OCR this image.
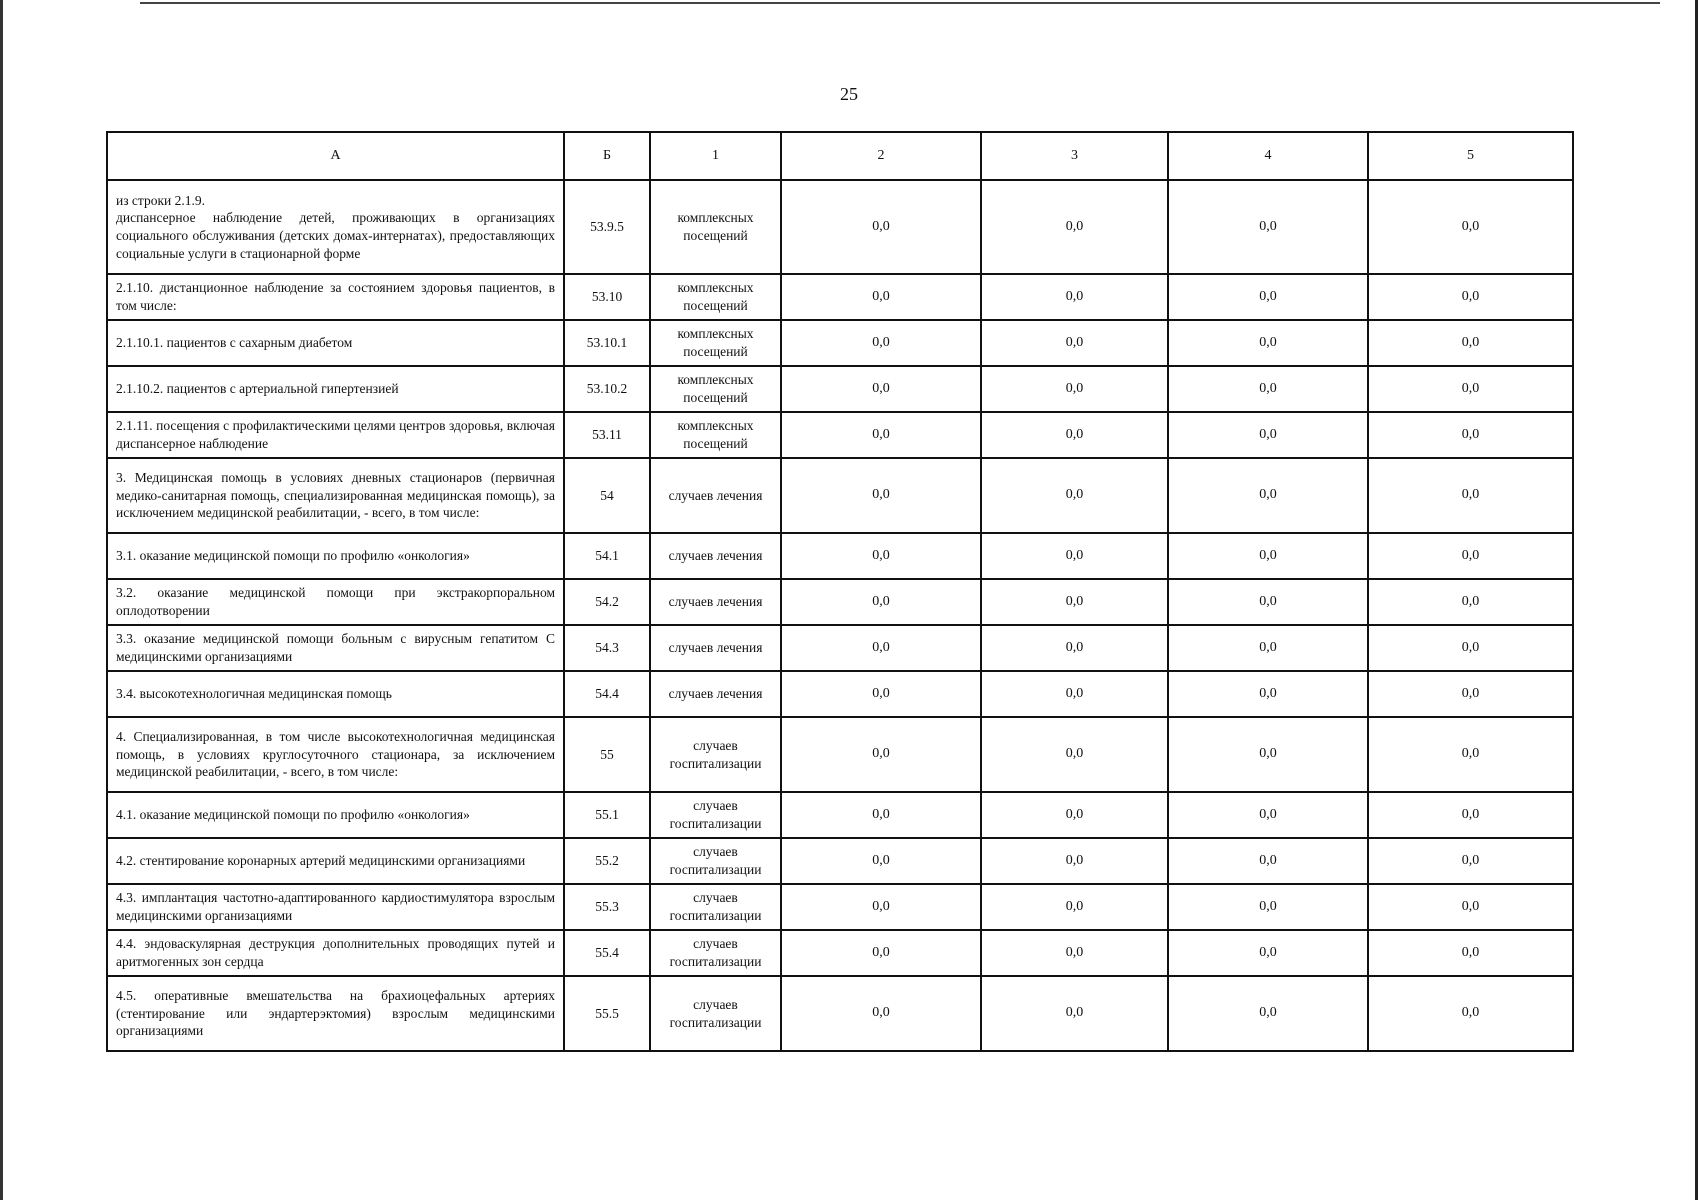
25
А	Б	1	2	3	4	5
из строки 2.1.9.
диспансерное наблюдение детей, проживающих в организациях социального обслуживания (детских домах-интернатах), предоставляющих социальные услуги в стационарной форме	53.9.5	комплексных посещений	0,0	0,0	0,0	0,0
2.1.10. дистанционное наблюдение за состоянием здоровья пациентов, в том числе:	53.10	комплексных посещений	0,0	0,0	0,0	0,0
2.1.10.1. пациентов с сахарным диабетом	53.10.1	комплексных посещений	0,0	0,0	0,0	0,0
2.1.10.2. пациентов с артериальной гипертензией	53.10.2	комплексных посещений	0,0	0,0	0,0	0,0
2.1.11. посещения с профилактическими целями центров здоровья, включая диспансерное наблюдение	53.11	комплексных посещений	0,0	0,0	0,0	0,0
3. Медицинская помощь в условиях дневных стационаров (первичная медико-санитарная помощь, специализированная медицинская помощь), за исключением медицинской реабилитации, - всего, в том числе:	54	случаев лечения	0,0	0,0	0,0	0,0
3.1. оказание медицинской помощи по профилю «онкология»	54.1	случаев лечения	0,0	0,0	0,0	0,0
3.2. оказание медицинской помощи при экстракорпоральном оплодотворении	54.2	случаев лечения	0,0	0,0	0,0	0,0
3.3. оказание медицинской помощи больным с вирусным гепатитом С медицинскими организациями	54.3	случаев лечения	0,0	0,0	0,0	0,0
3.4. высокотехнологичная медицинская помощь	54.4	случаев лечения	0,0	0,0	0,0	0,0
4. Специализированная, в том числе высокотехнологичная медицинская помощь, в условиях круглосуточного стационара, за исключением медицинской реабилитации, - всего, в том числе:	55	случаев госпитализации	0,0	0,0	0,0	0,0
4.1. оказание медицинской помощи по профилю «онкология»	55.1	случаев госпитализации	0,0	0,0	0,0	0,0
4.2. стентирование коронарных артерий медицинскими организациями	55.2	случаев госпитализации	0,0	0,0	0,0	0,0
4.3. имплантация частотно-адаптированного кардиостимулятора взрослым медицинскими организациями	55.3	случаев госпитализации	0,0	0,0	0,0	0,0
4.4. эндоваскулярная деструкция дополнительных проводящих путей и аритмогенных зон сердца	55.4	случаев госпитализации	0,0	0,0	0,0	0,0
4.5. оперативные вмешательства на брахиоцефальных артериях (стентирование или эндартерэктомия) взрослым медицинскими организациями	55.5	случаев госпитализации	0,0	0,0	0,0	0,0
